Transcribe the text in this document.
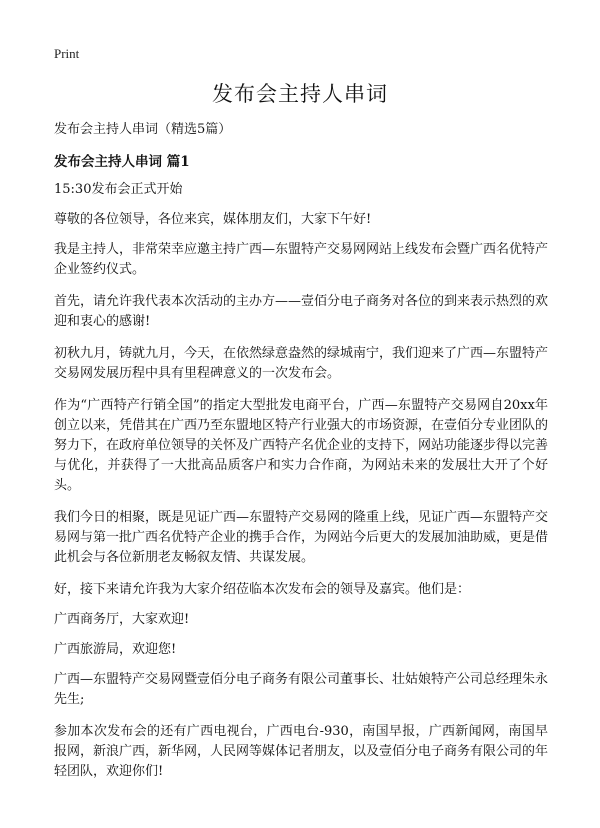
Print
发布会主持人串词
发布会主持人串词（精选5篇）
发布会主持人串词 篇1

15:30发布会正式开始

尊敬的各位领导，各位来宾，媒体朋友们，大家下午好!

我是主持人，非常荣幸应邀主持广西—东盟特产交易网网站上线发布会暨广西名优特产企业签约仪式。

首先，请允许我代表本次活动的主办方——壹佰分电子商务对各位的到来表示热烈的欢迎和衷心的感谢!

初秋九月，铸就九月，今天，在依然绿意盎然的绿城南宁，我们迎来了广西—东盟特产交易网发展历程中具有里程碑意义的一次发布会。

作为“广西特产行销全国”的指定大型批发电商平台，广西—东盟特产交易网自20xx年创立以来，凭借其在广西乃至东盟地区特产行业强大的市场资源，在壹佰分专业团队的努力下，在政府单位领导的关怀及广西特产名优企业的支持下，网站功能逐步得以完善与优化，并获得了一大批高品质客户和实力合作商，为网站未来的发展壮大开了个好头。

我们今日的相聚，既是见证广西—东盟特产交易网的隆重上线，见证广西—东盟特产交易网与第一批广西名优特产企业的携手合作，为网站今后更大的发展加油助威，更是借此机会与各位新朋老友畅叙友情、共谋发展。

好，接下来请允许我为大家介绍莅临本次发布会的领导及嘉宾。他们是：

广西商务厅，大家欢迎!

广西旅游局，欢迎您!

广西—东盟特产交易网暨壹佰分电子商务有限公司董事长、壮姑娘特产公司总经理朱永先生;

参加本次发布会的还有广西电视台，广西电台-930，南国早报，广西新闻网，南国早报网，新浪广西，新华网，人民网等媒体记者朋友，以及壹佰分电子商务有限公司的年轻团队，欢迎你们!
